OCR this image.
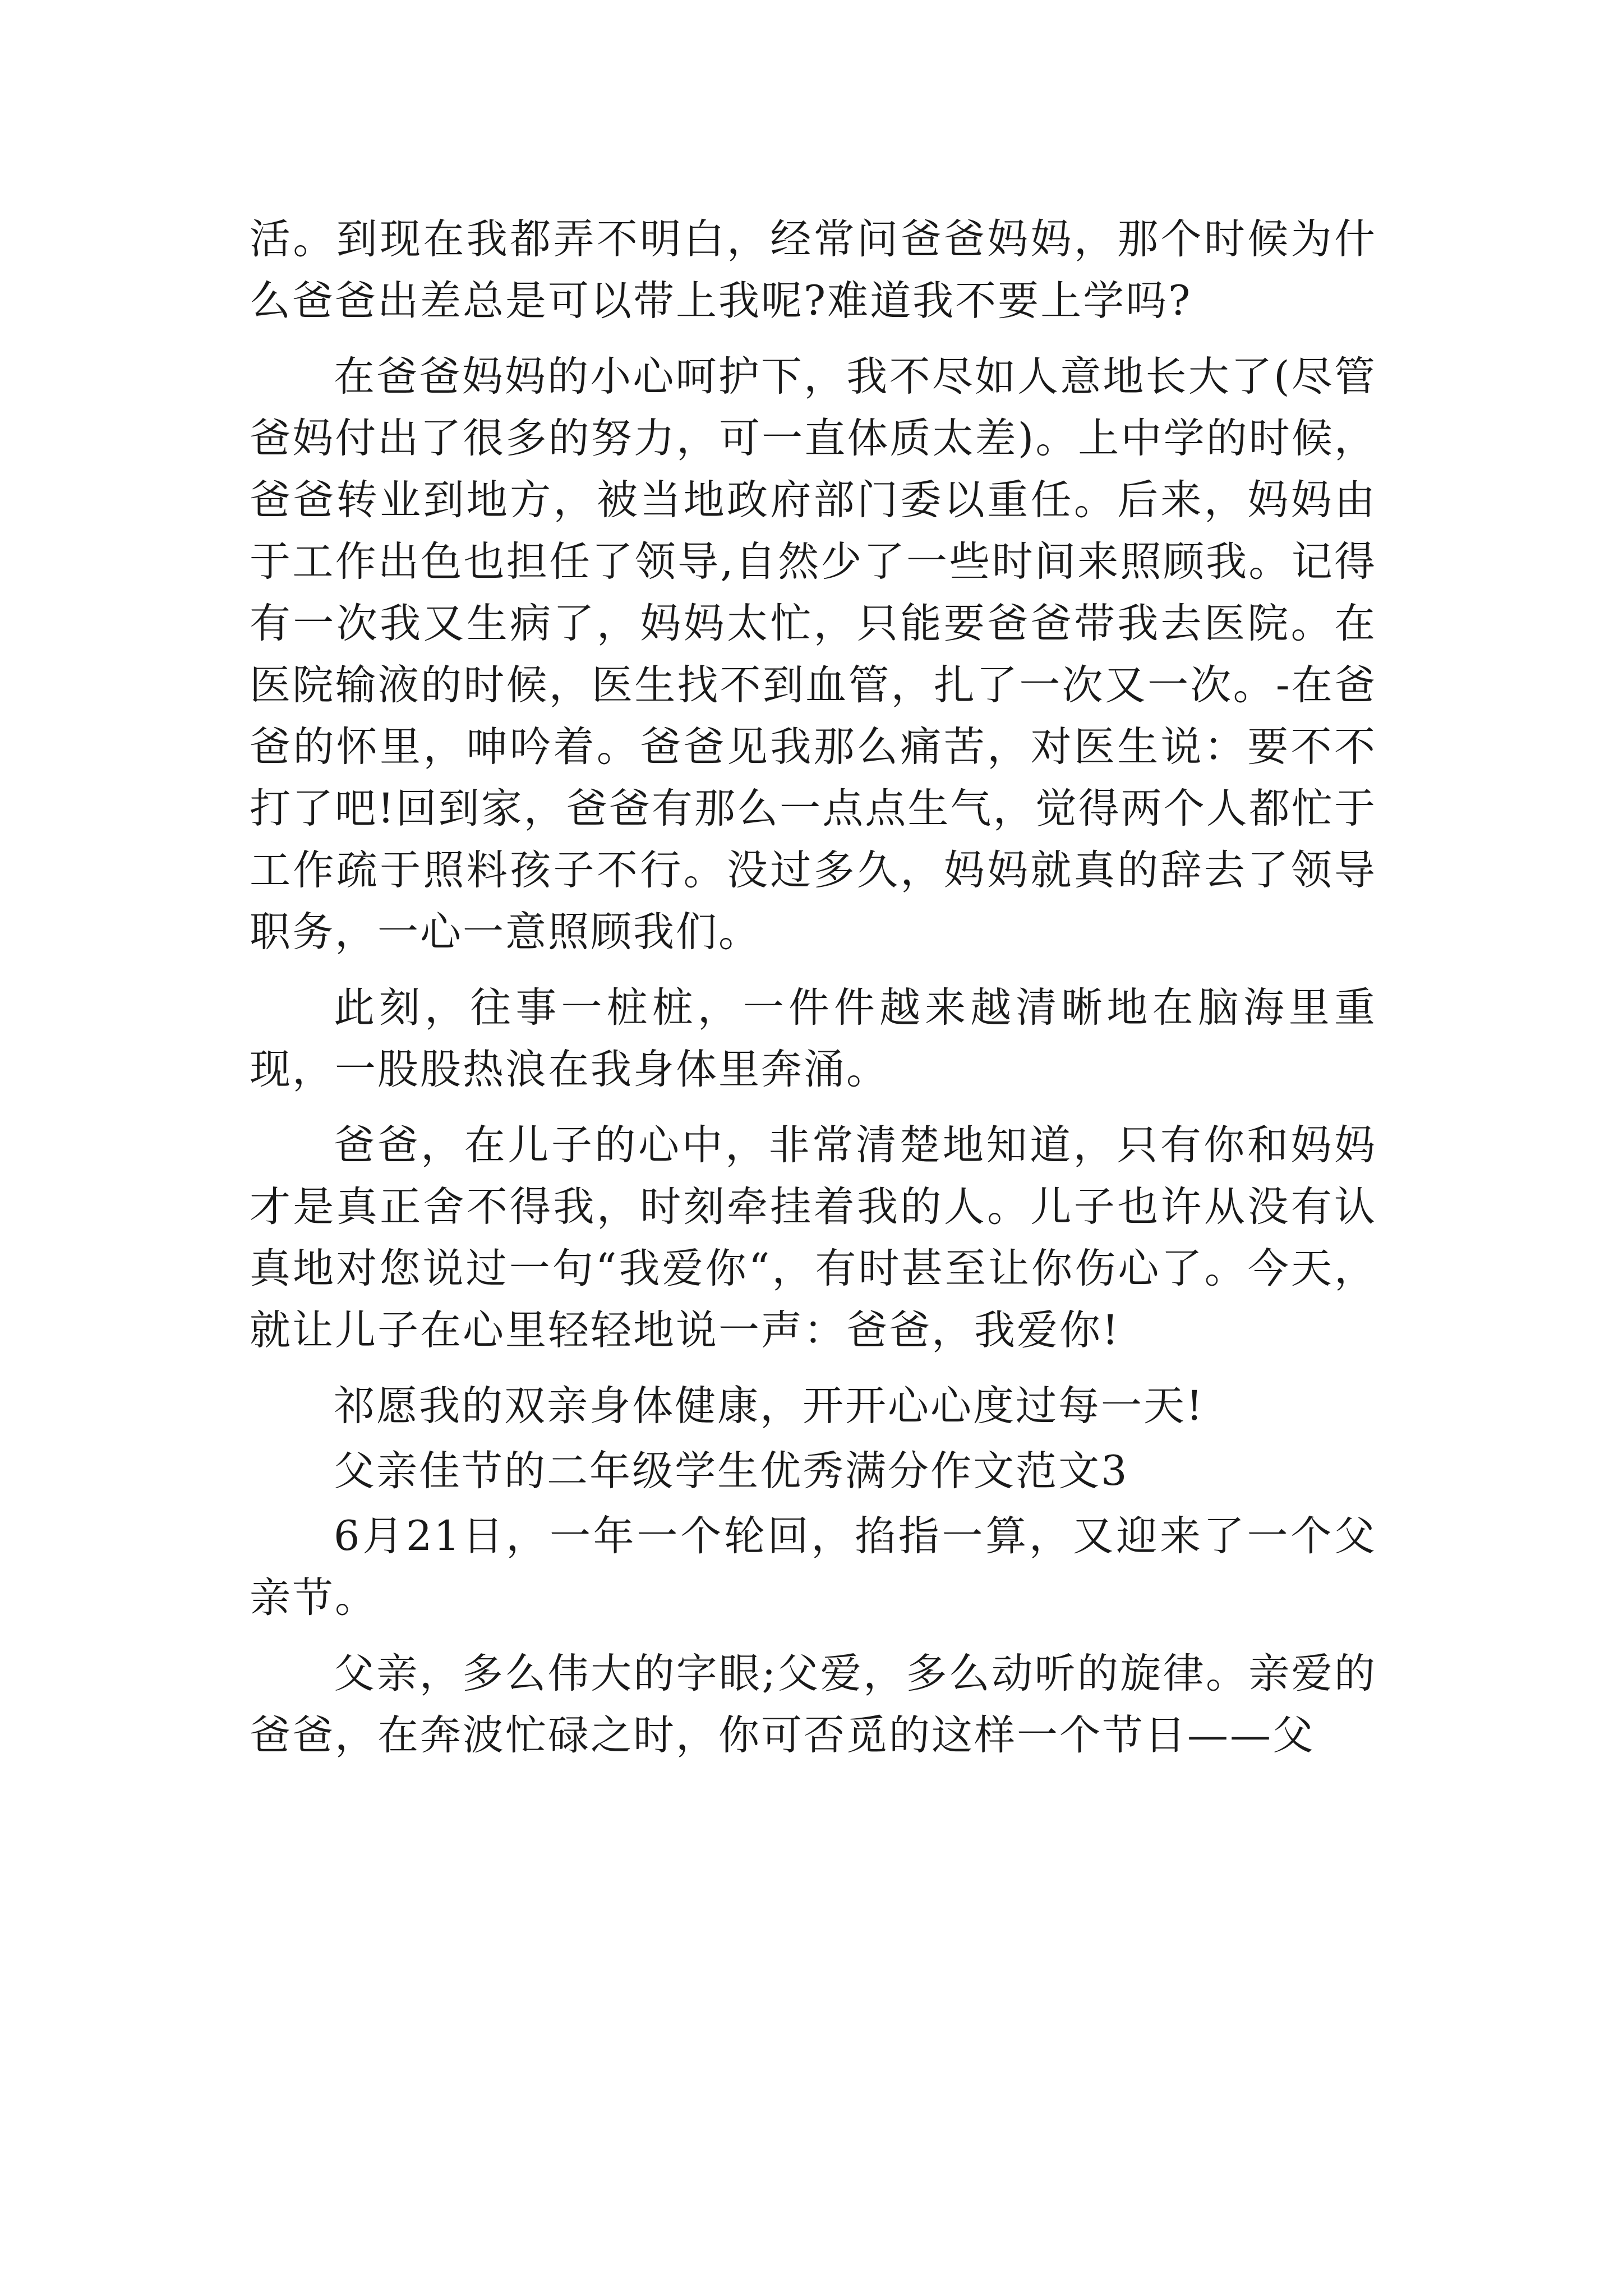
活。到现在我都弄不明白，经常问爸爸妈妈，那个时候为什么爸爸出差总是可以带上我呢?难道我不要上学吗?

在爸爸妈妈的小心呵护下，我不尽如人意地长大了(尽管爸妈付出了很多的努力，可一直体质太差)。上中学的时候，爸爸转业到地方，被当地政府部门委以重任。后来，妈妈由于工作出色也担任了领导,自然少了一些时间来照顾我。记得有一次我又生病了，妈妈太忙，只能要爸爸带我去医院。在医院输液的时候，医生找不到血管，扎了一次又一次。-在爸爸的怀里，呻吟着。爸爸见我那么痛苦，对医生说：要不不打了吧!回到家，爸爸有那么一点点生气，觉得两个人都忙于工作疏于照料孩子不行。没过多久，妈妈就真的辞去了领导职务，一心一意照顾我们。

此刻，往事一桩桩，一件件越来越清晰地在脑海里重现，一股股热浪在我身体里奔涌。

爸爸，在儿子的心中，非常清楚地知道，只有你和妈妈才是真正舍不得我，时刻牵挂着我的人。儿子也许从没有认真地对您说过一句“我爱你“，有时甚至让你伤心了。今天，就让儿子在心里轻轻地说一声：爸爸，我爱你!

祁愿我的双亲身体健康，开开心心度过每一天!

父亲佳节的二年级学生优秀满分作文范文3

6月21日，一年一个轮回，掐指一算，又迎来了一个父亲节。

父亲，多么伟大的字眼;父爱，多么动听的旋律。亲爱的爸爸，在奔波忙碌之时，你可否觅的这样一个节日——父
